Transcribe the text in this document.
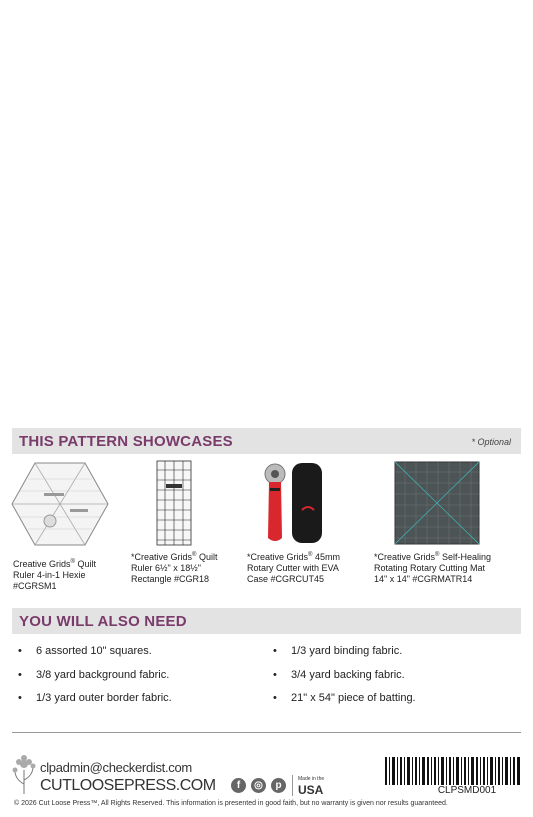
THIS PATTERN SHOWCASES	* Optional
Creative Grids® Quilt
Ruler 4-in-1 Hexie
#CGRSM1
*Creative Grids® Quilt
Ruler 6½" x 18½"
Rectangle #CGR18
*Creative Grids® 45mm
Rotary Cutter with EVA
Case #CGRCUT45
*Creative Grids® Self-Healing
Rotating Rotary Cutting Mat
14" x 14" #CGRMATR14
YOU WILL ALSO NEED
• 6 assorted 10" squares.
• 3/8 yard background fabric.
• 1/3 yard outer border fabric.
• 1/3 yard binding fabric.
• 3/4 yard backing fabric.
• 21" x 54" piece of batting.
clpadmin@checkerdist.com
CUTLOOSEPRESS.COM	f	◎	p
Made in the
USA	CLPSMD001
© 2026 Cut Loose Press™, All Rights Reserved. This information is presented in good faith, but no warranty is given nor results guaranteed.
